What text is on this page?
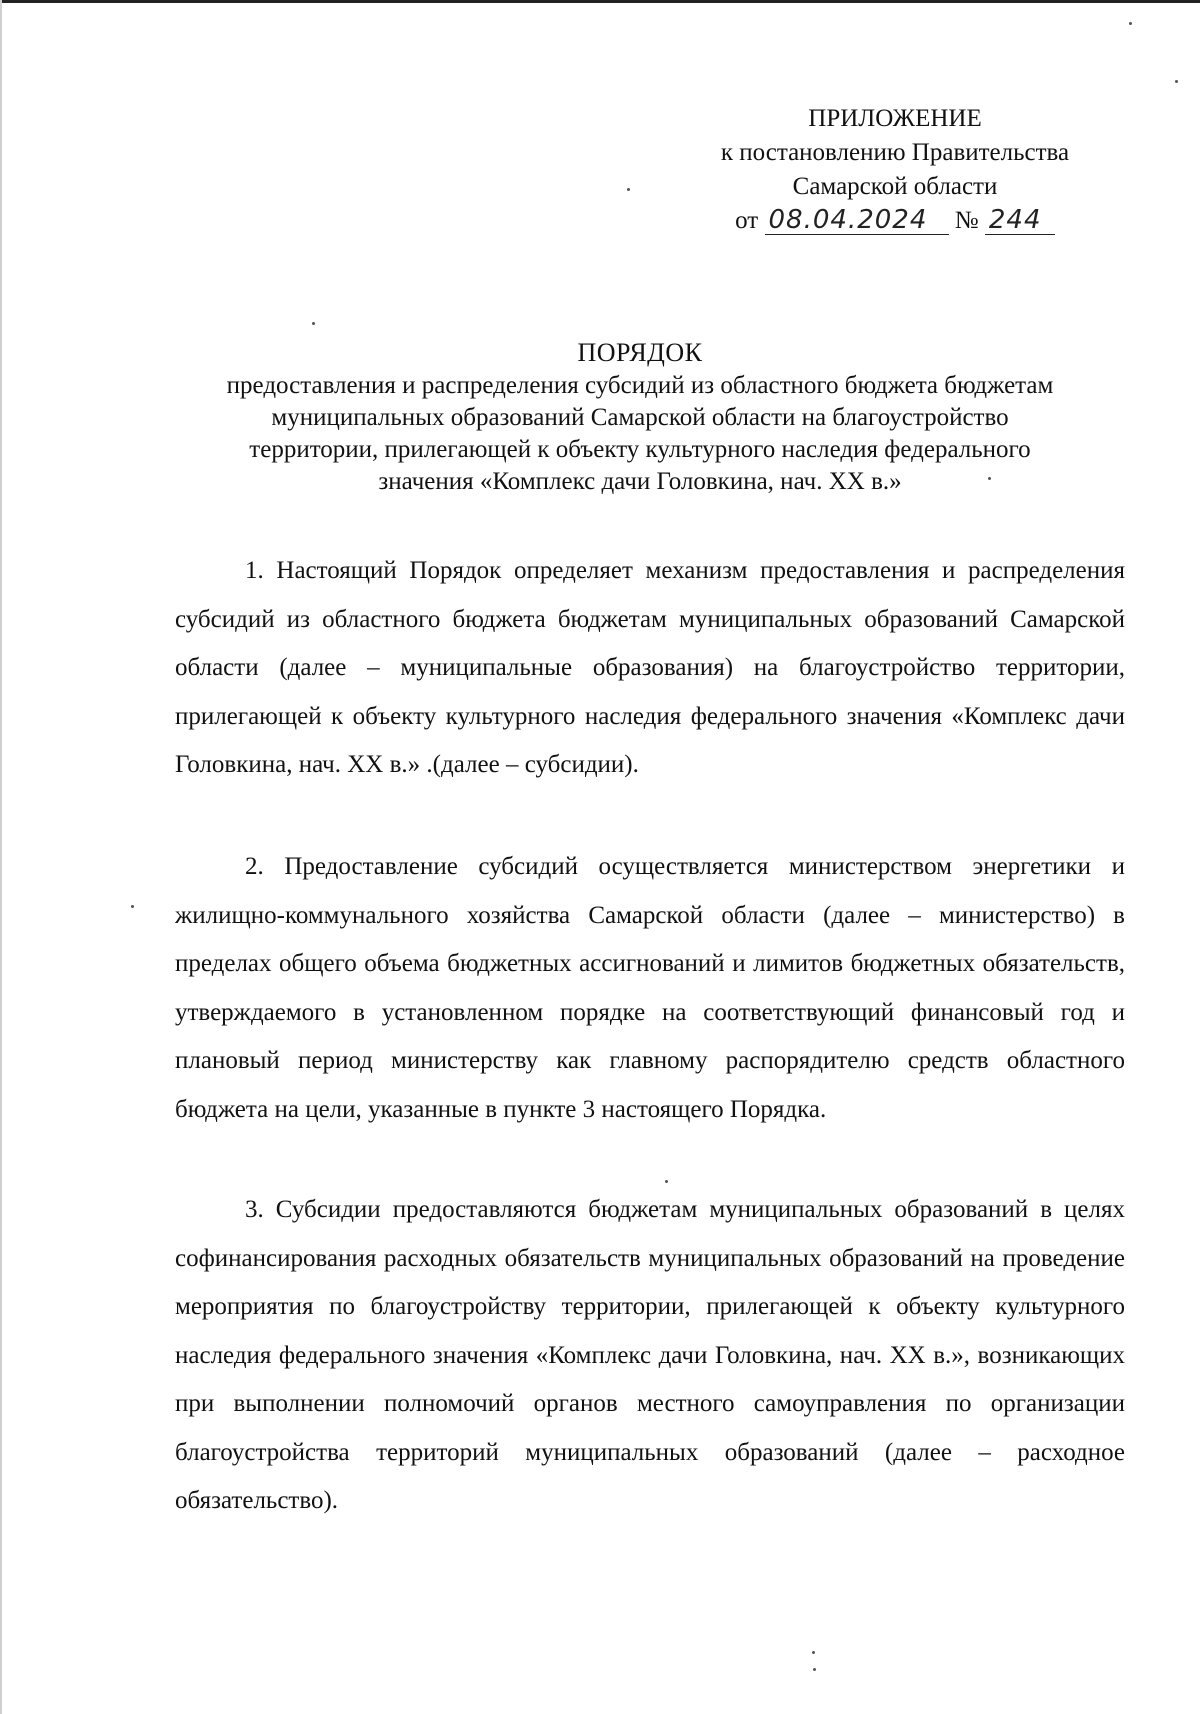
ПРИЛОЖЕНИЕ
к постановлению Правительства
Самарской области
от 08.04.2024 № 244
ПОРЯДОК
предоставления и распределения субсидий из областного бюджета бюджетам
муниципальных образований Самарской области на благоустройство
территории, прилегающей к объекту культурного наследия федерального
значения «Комплекс дачи Головкина, нач. XX в.»

1. Настоящий Порядок определяет механизм предоставления и распределения субсидий из областного бюджета бюджетам муниципальных образований Самарской области (далее – муниципальные образования) на благоустройство территории, прилегающей к объекту культурного наследия федерального значения «Комплекс дачи Головкина, нач. XX в.» .(далее – субсидии).

2. Предоставление субсидий осуществляется министерством энергетики и жилищно-коммунального хозяйства Самарской области (далее – министерство) в пределах общего объема бюджетных ассигнований и лимитов бюджетных обязательств, утверждаемого в установленном порядке на соответствующий финансовый год и плановый период министерству как главному распорядителю средств областного бюджета на цели, указанные в пункте 3 настоящего Порядка.

3. Субсидии предоставляются бюджетам муниципальных образований в целях софинансирования расходных обязательств муниципальных образований на проведение мероприятия по благоустройству территории, прилегающей к объекту культурного наследия федерального значения «Комплекс дачи Головкина, нач. XX в.», возникающих при выполнении полномочий органов местного самоуправления по организации благоустройства территорий муниципальных образований (далее – расходное обязательство).
